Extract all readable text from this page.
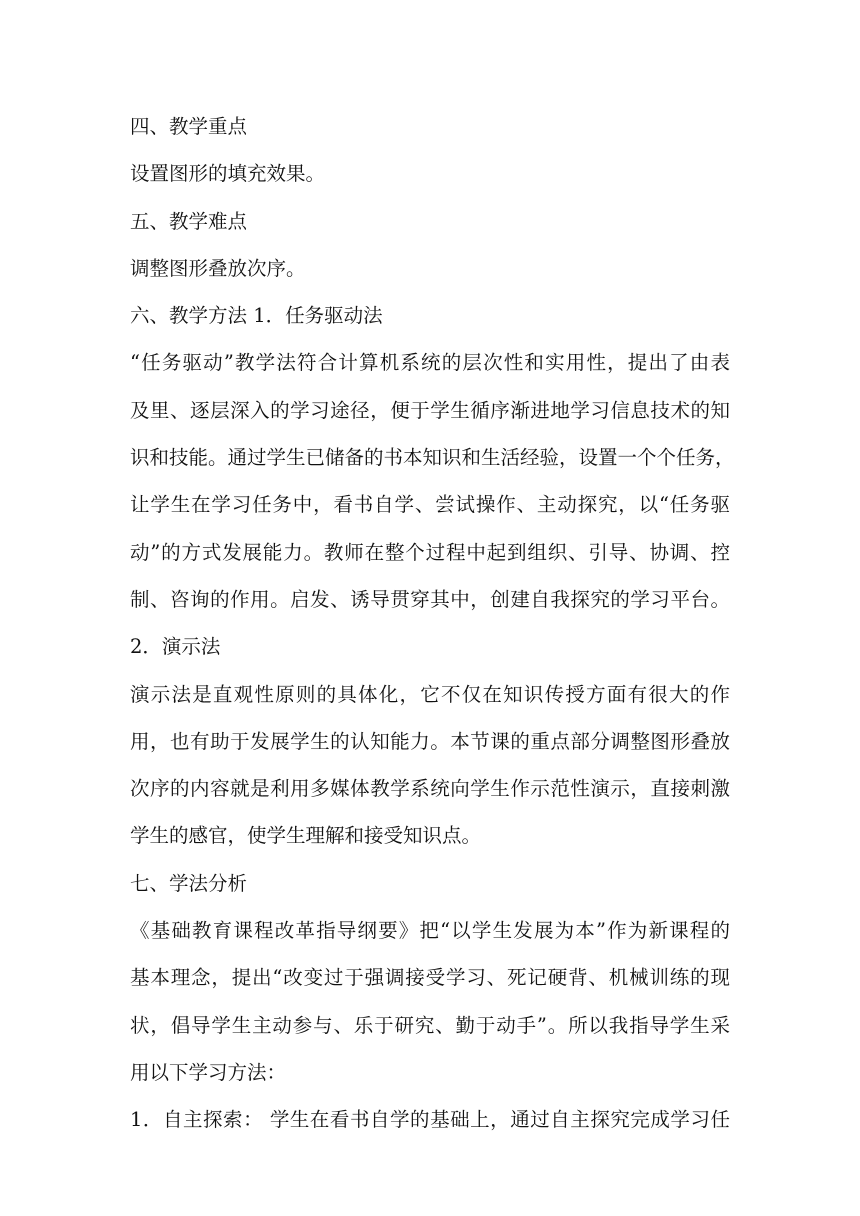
四、教学重点
设置图形的填充效果。
五、教学难点
调整图形叠放次序。
六、教学方法 1．任务驱动法
“任务驱动”教学法符合计算机系统的层次性和实用性，提出了由表
及里、逐层深入的学习途径，便于学生循序渐进地学习信息技术的知
识和技能。通过学生已储备的书本知识和生活经验，设置一个个任务，
让学生在学习任务中，看书自学、尝试操作、主动探究，以“任务驱
动”的方式发展能力。教师在整个过程中起到组织、引导、协调、控
制、咨询的作用。启发、诱导贯穿其中，创建自我探究的学习平台。
2．演示法
演示法是直观性原则的具体化，它不仅在知识传授方面有很大的作
用，也有助于发展学生的认知能力。本节课的重点部分调整图形叠放
次序的内容就是利用多媒体教学系统向学生作示范性演示，直接刺激
学生的感官，使学生理解和接受知识点。
七、学法分析
《基础教育课程改革指导纲要》把“以学生发展为本”作为新课程的
基本理念，提出“改变过于强调接受学习、死记硬背、机械训练的现
状，倡导学生主动参与、乐于研究、勤于动手”。所以我指导学生采
用以下学习方法：
1．自主探索： 学生在看书自学的基础上，通过自主探究完成学习任
